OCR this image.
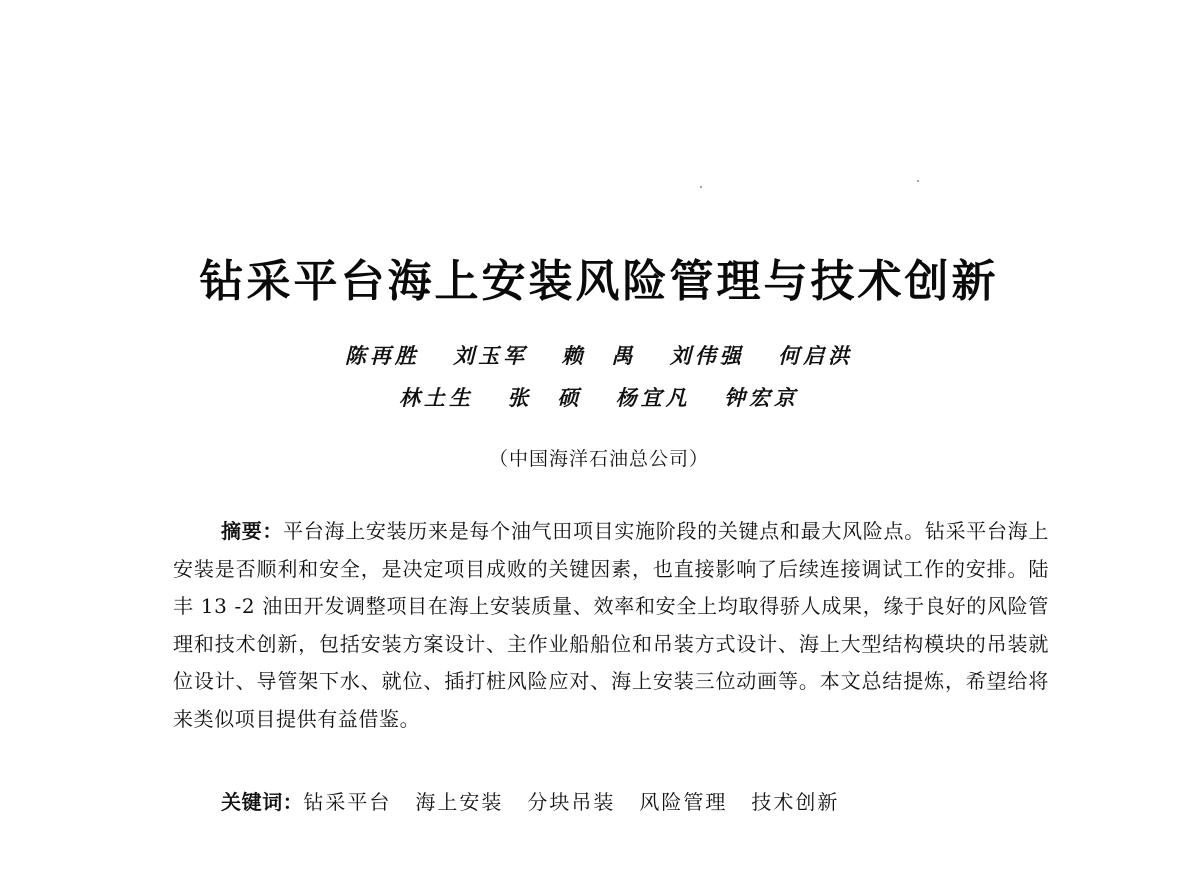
钻采平台海上安装风险管理与技术创新
陈再胜 刘玉军 赖　禺 刘伟强 何启洪
林土生 张　硕 杨宜凡 钟宏京
（中国海洋石油总公司）

摘要：平台海上安装历来是每个油气田项目实施阶段的关键点和最大风险点。钻采平台海上安装是否顺利和安全，是决定项目成败的关键因素，也直接影响了后续连接调试工作的安排。陆丰 13 -2 油田开发调整项目在海上安装质量、效率和安全上均取得骄人成果，缘于良好的风险管理和技术创新，包括安装方案设计、主作业船船位和吊装方式设计、海上大型结构模块的吊装就位设计、导管架下水、就位、插打桩风险应对、海上安装三位动画等。本文总结提炼，希望给将来类似项目提供有益借鉴。

关键词：钻采平台 海上安装 分块吊装 风险管理 技术创新
